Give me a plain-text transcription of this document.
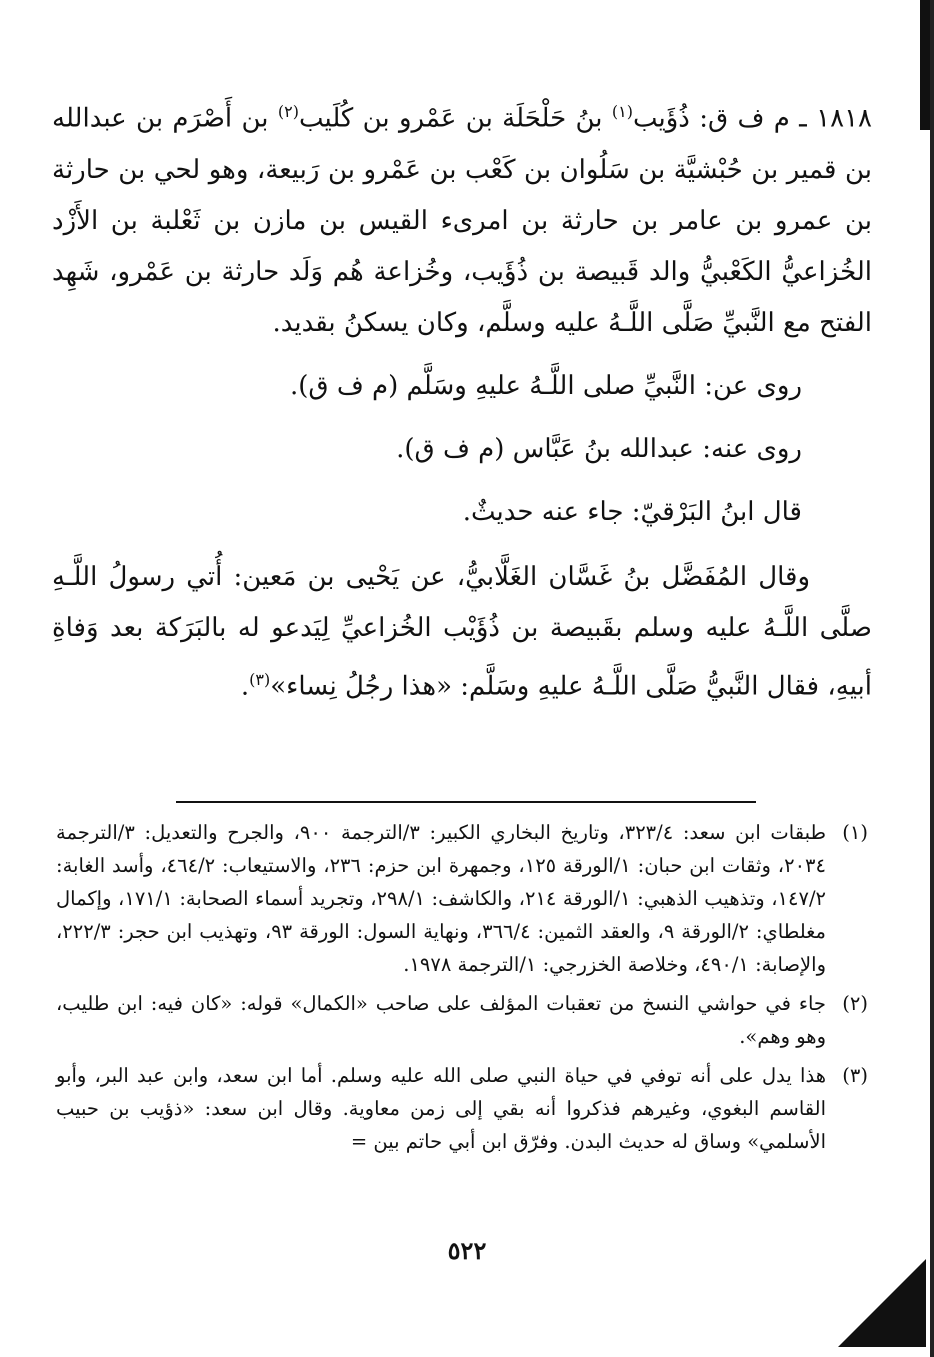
١٨١٨ ـ م ف ق: ذُؤَيب$^{(١)}$ بنُ حَلْحَلَة بن عَمْرو بن كُلَيب$^{(٢)}$ بن أَصْرَم بن عبدالله بن قمير بن حُبْشيَّة بن سَلُوان بن كَعْب بن عَمْرو بن رَبيعة، وهو لحي بن حارثة بن عمرو بن عامر بن حارثة بن امرىء القيس بن مازن بن ثَعْلبة بن الأَزْد الخُزاعيُّ الكَعْبيُّ والد قَبيصة بن ذُؤَيب، وخُزاعة هُم وَلَد حارثة بن عَمْرو، شَهِد الفتح مع النَّبيِّ صَلَّى اللَّـهُ عليه وسلَّم، وكان يسكنُ بقديد.

روى عن: النَّبيِّ صلى اللَّـهُ عليهِ وسَلَّم (م ف ق).

روى عنه: عبدالله بنُ عَبَّاس (م ف ق).

قال ابنُ البَرْقيّ: جاء عنه حديثٌ.

وقال المُفَضَّل بنُ غَسَّان الغَلَّابيُّ، عن يَحْيى بن مَعين: أُتي رسولُ اللَّـهِ صلَّى اللَّـهُ عليه وسلم بقَبيصة بن ذُؤَيْب الخُزاعيِّ لِيَدعو له بالبَرَكة بعد وَفاةِ أبيهِ، فقال النَّبيُّ صَلَّى اللَّـهُ عليهِ وسَلَّم: «هذا رجُلُ نِساء»$^{(٣)}$.

(١)
طبقات ابن سعد: ٣٢٣/٤، وتاريخ البخاري الكبير: ٣/الترجمة ٩٠٠، والجرح والتعديل: ٣/الترجمة ٢٠٣٤، وثقات ابن حبان: ١/الورقة ١٢٥، وجمهرة ابن حزم: ٢٣٦، والاستيعاب: ٤٦٤/٢، وأسد الغابة: ١٤٧/٢، وتذهيب الذهبي: ١/الورقة ٢١٤، والكاشف: ٢٩٨/١، وتجريد أسماء الصحابة: ١٧١/١، وإكمال مغلطاي: ٢/الورقة ٩، والعقد الثمين: ٣٦٦/٤، ونهاية السول: الورقة ٩٣، وتهذيب ابن حجر: ٢٢٢/٣، والإصابة: ٤٩٠/١، وخلاصة الخزرجي: ١/الترجمة ١٩٧٨.
(٢)
جاء في حواشي النسخ من تعقبات المؤلف على صاحب «الكمال» قوله: «كان فيه: ابن طليب، وهو وهم».
(٣)
هذا يدل على أنه توفي في حياة النبي صلى الله عليه وسلم. أما ابن سعد، وابن عبد البر، وأبو القاسم البغوي، وغيرهم فذكروا أنه بقي إلى زمن معاوية. وقال ابن سعد: «ذؤيب بن حبيب الأسلمي» وساق له حديث البدن. وفرّق ابن أبي حاتم بين =
٥٢٢
